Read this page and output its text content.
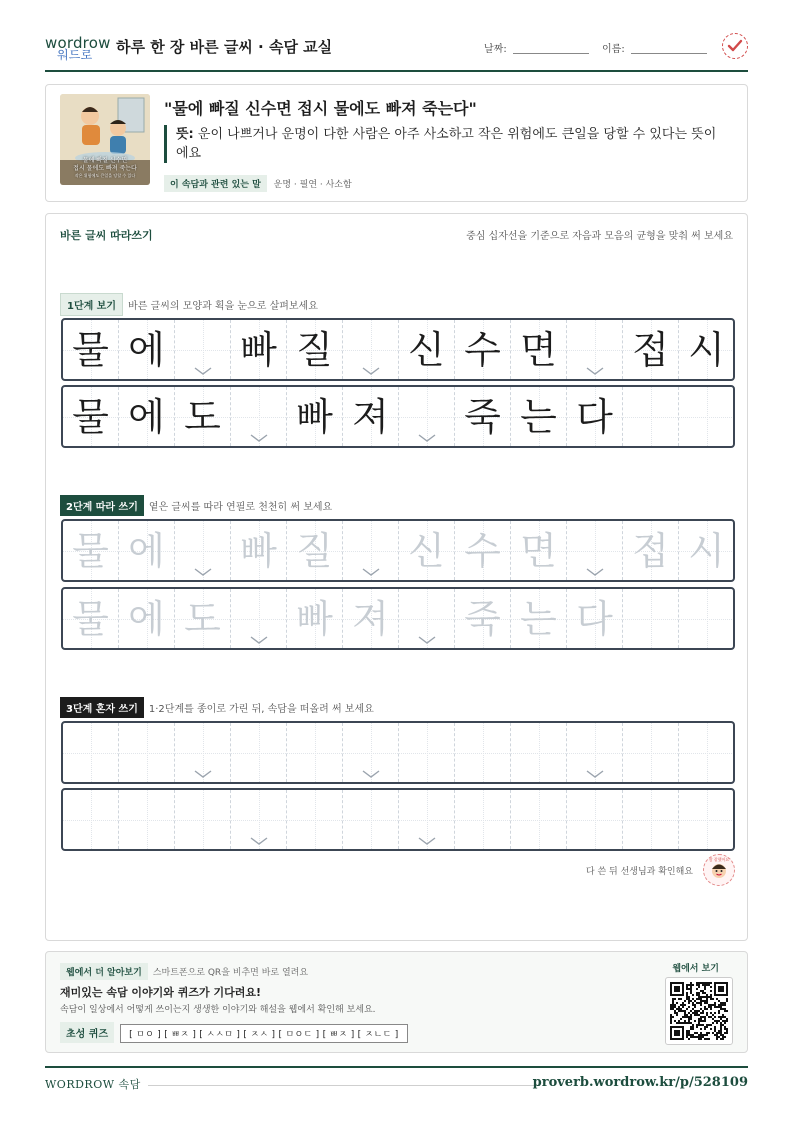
wordrow
워드로 하루 한 장 바른 글씨 · 속담 교실	날짜:	이름:
물에 빠질 신수면
접시 물에도 빠져 죽는다
작은 위험에도 큰일을 당할 수 있다
"물에 빠질 신수면 접시 물에도 빠져 죽는다"
뜻: 운이 나쁘거나 운명이 다한 사람은 아주 사소하고 작은 위험에도 큰일을 당할 수 있다는 뜻이에요
이 속담과 관련 있는 말 운명 · 필연 · 사소함
바른 글씨 따라쓰기	중심 십자선을 기준으로 자음과 모음의 균형을 맞춰 써 보세요
1단계 보기 바른 글씨의 모양과 획을 눈으로 살펴보세요
물 에 빠 질 신 수 면 접 시
물 에 도 빠 져 죽 는 다
2단계 따라 쓰기 옅은 글씨를 따라 연필로 천천히 써 보세요
물 에 빠 질 신 수 면 접 시
물 에 도 빠 져 죽 는 다
3단계 혼자 쓰기 1·2단계를 종이로 가린 뒤, 속담을 떠올려 써 보세요
다 쓴 뒤 선생님과 확인해요
참 잘했어요
웹에서 더 알아보기 스마트폰으로 QR을 비추면 바로 열려요
재미있는 속담 이야기와 퀴즈가 기다려요!
속담이 일상에서 어떻게 쓰이는지 생생한 이야기와 해설을 웹에서 확인해 보세요.
초성 퀴즈 [ ㅁㅇ ] [ ㅃㅈ ] [ ㅅㅅㅁ ] [ ㅈㅅ ] [ ㅁㅇㄷ ] [ ㅃㅈ ] [ ㅈㄴㄷ ]
웹에서 보기
WORDROW 속담	proverb.wordrow.kr/p/528109
